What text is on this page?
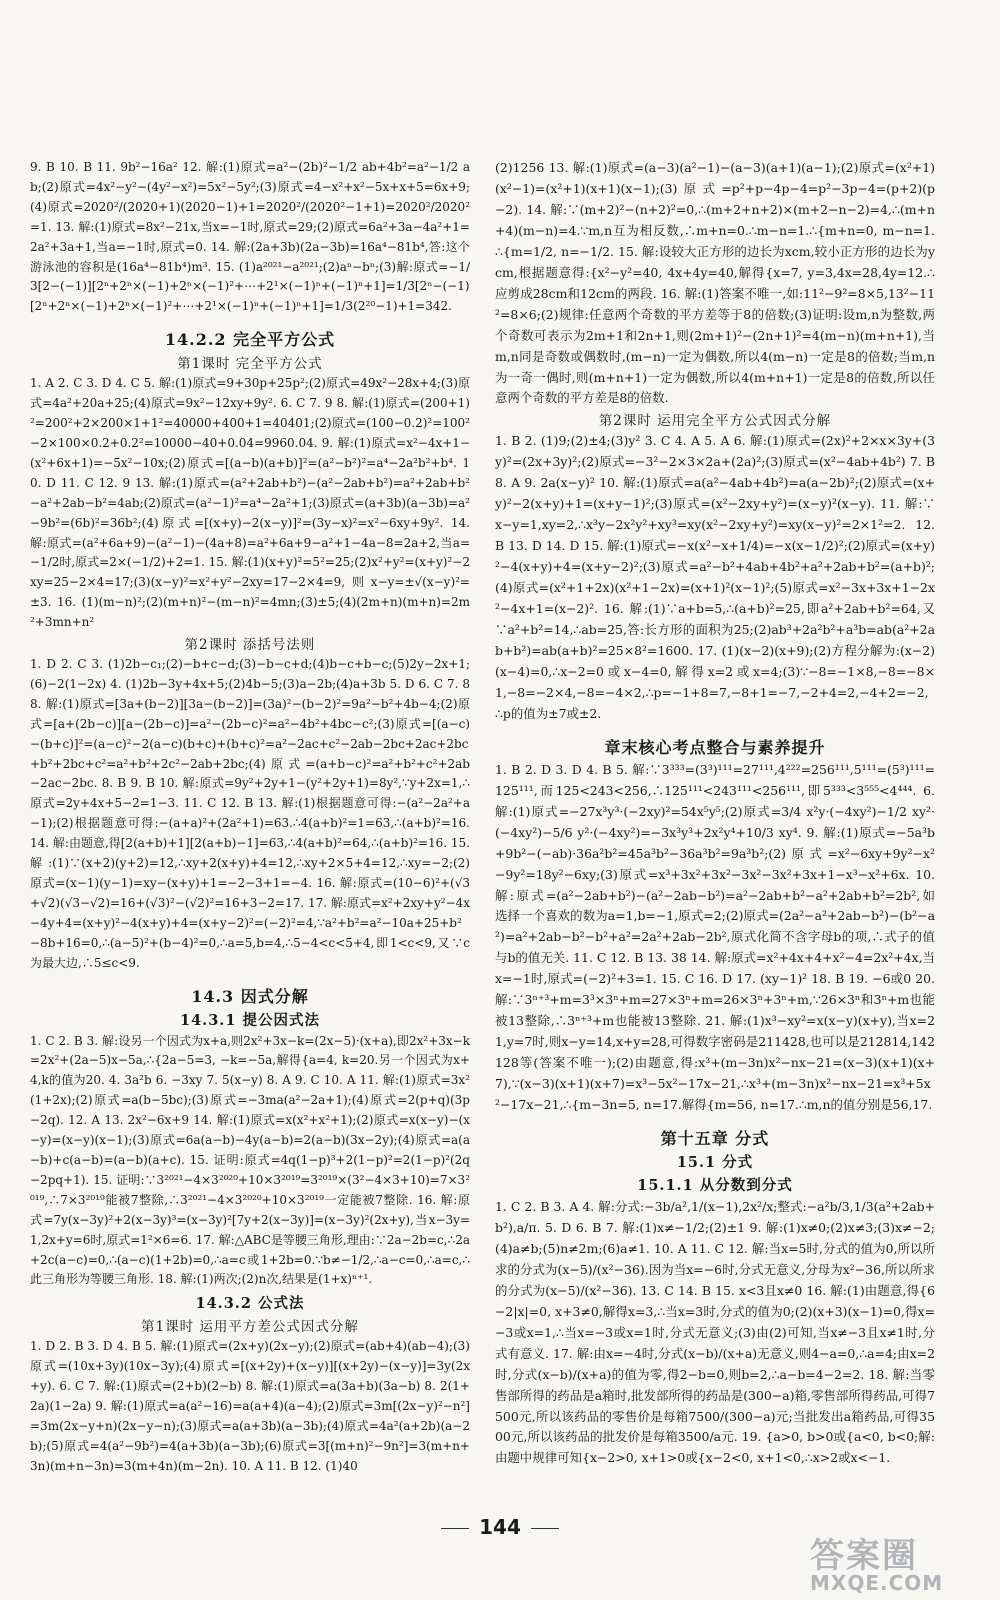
9. B 10. B 11. 9b²−16a² 12. 解:(1)原式=a²−(2b)²−1/2 ab+4b²=a²−1/2 ab;(2)原式=4x²−y²−(4y²−x²)=5x²−5y²;(3)原式=4−x²+x²−5x+x+5=6x+9;(4)原式=2020²/(2020+1)(2020−1)+1=2020²/(2020²−1+1)=2020²/2020²=1. 13. 解:(1)原式=8x²−21x,当x=−1时,原式=29;(2)原式=6a²+3a−4a²+1=2a²+3a+1,当a=−1时,原式=0. 14. 解:(2a+3b)(2a−3b)=16a⁴−81b⁴,答:这个游泳池的容积是(16a⁴−81b⁴)m³. 15. (1)a²⁰²¹−a²⁰²¹;(2)aⁿ−bⁿ;(3)解:原式=−1/3[2−(−1)][2ⁿ+2ⁿ×(−1)+2ⁿ×(−1)²+⋯+2¹×(−1)ⁿ+(−1)ⁿ+1]=1/3[2ⁿ−(−1)[2ⁿ+2ⁿ×(−1)+2ⁿ×(−1)²+⋯+2¹×(−1)ⁿ+(−1)ⁿ+1]=1/3(2²⁰−1)+1=342.
14.2.2 完全平方公式
第1课时 完全平方公式
1. A 2. C 3. D 4. C 5. 解:(1)原式=9+30p+25p²;(2)原式=49x²−28x+4;(3)原式=4a²+20a+25;(4)原式=9x²−12xy+9y². 6. C 7. 9 8. 解:(1)原式=(200+1)²=200²+2×200×1+1²=40000+400+1=40401;(2)原式=(100−0.2)²=100²−2×100×0.2+0.2²=10000−40+0.04=9960.04. 9. 解:(1)原式=x²−4x+1−(x²+6x+1)=−5x²−10x;(2)原式=[(a−b)(a+b)]²=(a²−b²)²=a⁴−2a²b²+b⁴. 10. D 11. C 12. 9 13. 解:(1)原式=(a²+2ab+b²)−(a²−2ab+b²)=a²+2ab+b²−a²+2ab−b²=4ab;(2)原式=(a²−1)²=a⁴−2a²+1;(3)原式=(a+3b)(a−3b)=a²−9b²=(6b)²=36b²;(4)原式=[(x+y)−2(x−y)]²=(3y−x)²=x²−6xy+9y². 14. 解:原式=(a²+6a+9)−(a²−1)−(4a+8)=a²+6a+9−a²+1−4a−8=2a+2,当a=−1/2时,原式=2×(−1/2)+2=1. 15. 解:(1)(x+y)²=5²=25;(2)x²+y²=(x+y)²−2xy=25−2×4=17;(3)(x−y)²=x²+y²−2xy=17−2×4=9,则x−y=±√(x−y)²=±3. 16. (1)(m−n)²;(2)(m+n)²−(m−n)²=4mn;(3)±5;(4)(2m+n)(m+n)=2m²+3mn+n²
第2课时 添括号法则
1. D 2. C 3. (1)2b−c₁;(2)−b+c−d;(3)−b−c+d;(4)b−c+b−c;(5)2y−2x+1;(6)−2(1−2x) 4. (1)2b−3y+4x+5;(2)4b−5;(3)a−2b;(4)a+3b 5. D 6. C 7. 8 8. 解:(1)原式=[3a+(b−2)][3a−(b−2)]=(3a)²−(b−2)²=9a²−b²+4b−4;(2)原式=[a+(2b−c)][a−(2b−c)]=a²−(2b−c)²=a²−4b²+4bc−c²;(3)原式=[(a−c)−(b+c)]²=(a−c)²−2(a−c)(b+c)+(b+c)²=a²−2ac+c²−2ab−2bc+2ac+2bc+b²+2bc+c²=a²+b²+2c²−2ab+2bc;(4)原式=(a+b−c)²=a²+b²+c²+2ab−2ac−2bc. 8. B 9. B 10. 解:原式=9y²+2y+1−(y²+2y+1)=8y²,∵y+2x=1,∴原式=2y+4x+5−2=1−3. 11. C 12. B 13. 解:(1)根据题意可得:−(a²−2a²+a−1);(2)根据题意可得:−(a+a)²+(2a²+1)=63.∴4(a+b)²=1=63,∴(a+b)²=16. 14. 解:由题意,得[2(a+b)+1][2(a+b)−1]=63,∴4(a+b)²=64,∴(a+b)²=16. 15. 解:(1)∵(x+2)(y+2)=12,∴xy+2(x+y)+4=12,∴xy+2×5+4=12,∴xy=−2;(2)原式=(x−1)(y−1)=xy−(x+y)+1=−2−3+1=−4. 16. 解:原式=(10−6)²+(√3+√2)(√3−√2)=16+(√3)²−(√2)²=16+3−2=17. 17. 解:原式=x²+2xy+y²−4x−4y+4=(x+y)²−4(x+y)+4=(x+y−2)²=(−2)²=4,∵a²+b²=a²−10a+25+b²−8b+16=0,∴(a−5)²+(b−4)²=0,∴a=5,b=4,∴5−4<c<5+4,即1<c<9,又∵c为最大边,∴5≤c<9.
14.3 因式分解
14.3.1 提公因式法
1. C 2. B 3. 解:设另一个因式为x+a,则2x²+3x−k=(2x−5)·(x+a),即2x²+3x−k=2x²+(2a−5)x−5a,∴{2a−5=3, −k=−5a,解得{a=4, k=20.另一个因式为x+4,k的值为20. 4. 3a²b 6. −3xy 7. 5(x−y) 8. A 9. C 10. A 11. 解:(1)原式=3x²(1+2x);(2)原式=a(b−5bc);(3)原式=−3ma(a²−2a+1);(4)原式=2(p+q)(3p−2q). 12. A 13. 2x²−6x+9 14. 解:(1)原式=x(x²+x²+1);(2)原式=x(x−y)−(x−y)=(x−y)(x−1);(3)原式=6a(a−b)−4y(a−b)=2(a−b)(3x−2y);(4)原式=a(a−b)+c(a−b)=(a−b)(a+c). 15. 证明:原式=4q(1−p)³+2(1−p)²=2(1−p)²(2q−2pq+1). 15. 证明:∵3²⁰²¹−4×3²⁰²⁰+10×3²⁰¹⁹=3²⁰¹⁹×(3²−4×3+10)=7×3²⁰¹⁹,∴7×3²⁰¹⁹能被7整除,∴3²⁰²¹−4×3²⁰²⁰+10×3²⁰¹⁹一定能被7整除. 16. 解:原式=7y(x−3y)²+2(x−3y)³=(x−3y)²[7y+2(x−3y)]=(x−3y)²(2x+y),当x−3y=1,2x+y=6时,原式=1²×6=6. 17. 解:△ABC是等腰三角形,理由:∵2a−2b=c,∴2a+2c(a−c)=0,∴(a−c)(1+2b)=0,∴a=c或1+2b=0.∵b≠−1/2,∴a−c=0,∴a=c,∴此三角形为等腰三角形. 18. 解:(1)两次;(2)n次,结果是(1+x)ⁿ⁺¹.
14.3.2 公式法
第1课时 运用平方差公式因式分解
1. D 2. B 3. D 4. B 5. 解:(1)原式=(2x+y)(2x−y);(2)原式=(ab+4)(ab−4);(3)原式=(10x+3y)(10x−3y);(4)原式=[(x+2y)+(x−y)][(x+2y)−(x−y)]=3y(2x+y). 6. C 7. 解:(1)原式=(2+b)(2−b) 8. 解:(1)原式=a(3a+b)(3a−b) 8. 2(1+2a)(1−2a) 9. 解:(1)原式=a(a²−16)=a(a+4)(a−4);(2)原式=3m[(2x−y)²−n²]=3m(2x−y+n)(2x−y−n);(3)原式=a(a+3b)(a−3b);(4)原式=4a²(a+2b)(a−2b);(5)原式=4(a²−9b²)=4(a+3b)(a−3b);(6)原式=3[(m+n)²−9n²]=3(m+n+3n)(m+n−3n)=3(m+4n)(m−2n). 10. A 11. B 12. (1)40
(2)1256 13. 解:(1)原式=(a−3)(a²−1)−(a−3)(a+1)(a−1);(2)原式=(x²+1)(x²−1)=(x²+1)(x+1)(x−1);(3)原式=p²+p−4p−4=p²−3p−4=(p+2)(p−2). 14. 解:∵(m+2)²−(n+2)²=0,∴(m+2+n+2)×(m+2−n−2)=4,∴(m+n+4)(m−n)=4.∵m,n互为相反数,∴m+n=0.∴m−n=1.∴{m+n=0, m−n=1.∴{m=1/2, n=−1/2. 15. 解:设较大正方形的边长为xcm,较小正方形的边长为ycm,根据题意得:{x²−y²=40, 4x+4y=40,解得{x=7, y=3,4x=28,4y=12.∴应剪成28cm和12cm的两段. 16. 解:(1)答案不唯一,如:11²−9²=8×5,13²−11²=8×6;(2)规律:任意两个奇数的平方差等于8的倍数;(3)证明:设m,n为整数,两个奇数可表示为2m+1和2n+1,则(2m+1)²−(2n+1)²=4(m−n)(m+n+1),当m,n同是奇数或偶数时,(m−n)一定为偶数,所以4(m−n)一定是8的倍数;当m,n为一奇一偶时,则(m+n+1)一定为偶数,所以4(m+n+1)一定是8的倍数,所以任意两个奇数的平方差是8的倍数.
第2课时 运用完全平方公式因式分解
1. B 2. (1)9;(2)±4;(3)y² 3. C 4. A 5. A 6. 解:(1)原式=(2x)²+2×x×3y+(3y)²=(2x+3y)²;(2)原式=−3²−2×3×2a+(2a)²;(3)原式=(x²−4ab+4b²) 7. B 8. A 9. 2a(x−y)² 10. 解:(1)原式=a(a²−4ab+4b²)=a(a−2b)²;(2)原式=(x+y)²−2(x+y)+1=(x+y−1)²;(3)原式=(x²−2xy+y²)=(x−y)²(x−y). 11. 解:∵x−y=1,xy=2,∴x³y−2x²y²+xy³=xy(x²−2xy+y²)=xy(x−y)²=2×1²=2. 12. B 13. D 14. D 15. 解:(1)原式=−x(x²−x+1/4)=−x(x−1/2)²;(2)原式=(x+y)²−4(x+y)+4=(x+y−2)²;(3)原式=a²−b²+4ab+4b²+a²+2ab+b²=(a+b)²;(4)原式=(x²+1+2x)(x²+1−2x)=(x+1)²(x−1)²;(5)原式=x²−3x+3x+1−2x²−4x+1=(x−2)². 16. 解:(1)∵a+b=5,∴(a+b)²=25,即a²+2ab+b²=64,又∵a²+b²=14,∴ab=25,答:长方形的面积为25;(2)ab³+2a²b²+a³b=ab(a²+2ab+b²)=ab(a+b)²=25×8²=1600. 17. (1)(x−2)(x+9);(2)方程分解为:(x−2)(x−4)=0,∴x−2=0或x−4=0,解得x=2或x=4;(3)∵−8=−1×8,−8=−8×1,−8=−2×4,−8=−4×2,∴p=−1+8=7,−8+1=−7,−2+4=2,−4+2=−2,∴p的值为±7或±2.
章末核心考点整合与素养提升
1. B 2. D 3. D 4. B 5. 解:∵3³³³=(3³)¹¹¹=27¹¹¹,4²²²=256¹¹¹,5¹¹¹=(5³)¹¹¹=125¹¹¹,而125<243<256,∴125¹¹¹<243¹¹¹<256¹¹¹,即5³³³<3⁵⁵⁵<4⁴⁴⁴. 6. 解:(1)原式=−27x³y³·(−2xy)²=54x⁵y⁵;(2)原式=3/4 x²y·(−4xy²)−1/2 xy²·(−4xy²)−5/6 y²·(−4xy²)=−3x³y³+2x²y⁴+10/3 xy⁴. 9. 解:(1)原式=−5a³b+9b²−(−ab)·36a²b²=45a³b²−36a³b²=9a³b²;(2)原式=x²−6xy+9y²−x²−9y²=18y²−6xy;(3)原式=x³+3x²+3x²−3x²−3x²+3x+1−x³−x²+6x. 10. 解:原式=(a²−2ab+b²)−(a²−2ab−b²)=a²−2ab+b²−a²+2ab+b²=2b²,如选择一个喜欢的数为a=1,b=−1,原式=2;(2)原式=(2a²−a²+2ab−b²)−(b²−a²)=a²+2ab−b²−b²+a²=2a²+2ab−2b²,原式化简不含字母b的项,∴式子的值与b的值无关. 11. C 12. B 13. 38 14. 解:原式=x²+4x+4+x²−4=2x²+4x,当x=−1时,原式=(−2)²+3=1. 15. C 16. D 17. (xy−1)² 18. B 19. −6或0 20. 解:∵3ⁿ⁺³+m=3³×3ⁿ+m=27×3ⁿ+m=26×3ⁿ+3ⁿ+m,∵26×3ⁿ和3ⁿ+m也能被13整除,∴3ⁿ⁺³+m也能被13整除. 21. 解:(1)x³−xy²=x(x−y)(x+y),当x=21,y=7时,则x−y=14,x+y=28,可得数字密码是211428,也可以是212814,142128等(答案不唯一);(2)由题意,得:x³+(m−3n)x²−nx−21=(x−3)(x+1)(x+7),∵(x−3)(x+1)(x+7)=x³−5x²−17x−21,∴x³+(m−3n)x²−nx−21=x³+5x²−17x−21,∴{m−3n=5, n=17.解得{m=56, n=17.∴m,n的值分别是56,17.
第十五章 分式
15.1 分式
15.1.1 从分数到分式
1. C 2. B 3. A 4. 解:分式:−3b/a²,1/(x−1),2x²/x;整式:−a²b/3,1/3(a²+2ab+b²),a/π. 5. D 6. B 7. 解:(1)x≠−1/2;(2)±1 9. 解:(1)x≠0;(2)x≠3;(3)x≠−2;(4)a≠b;(5)n≠2m;(6)a≠1. 10. A 11. C 12. 解:当x=5时,分式的值为0,所以所求的分式为(x−5)/(x²−36).因为当x=−6时,分式无意义,分母为x²−36,所以所求的分式为(x−5)/(x²−36). 13. C 14. B 15. x<3且x≠0 16. 解:(1)由题意,得{6−2|x|=0, x+3≠0,解得x=3,∴当x=3时,分式的值为0;(2)(x+3)(x−1)=0,得x=−3或x=1,∴当x=−3或x=1时,分式无意义;(3)由(2)可知,当x≠−3且x≠1时,分式有意义. 17. 解:由x=−4时,分式(x−b)/(x+a)无意义,则4−a=0,∴a=4;由x=2时,分式(x−b)/(x+a)的值为零,得2−b=0,则b=2,∴a−b=4−2=2. 18. 解:当零售部所得的药品是a箱时,批发部所得的药品是(300−a)箱,零售部所得药品,可得7500元,所以该药品的零售价是每箱7500/(300−a)元;当批发出a箱药品,可得3500元,所以该药品的批发价是每箱3500/a元. 19. {a>0, b>0或{a<0, b<0;解:由题中规律可知{x−2>0, x+1>0或{x−2<0, x+1<0,∴x>2或x<−1.
144
答案圈
MXQE.COM
